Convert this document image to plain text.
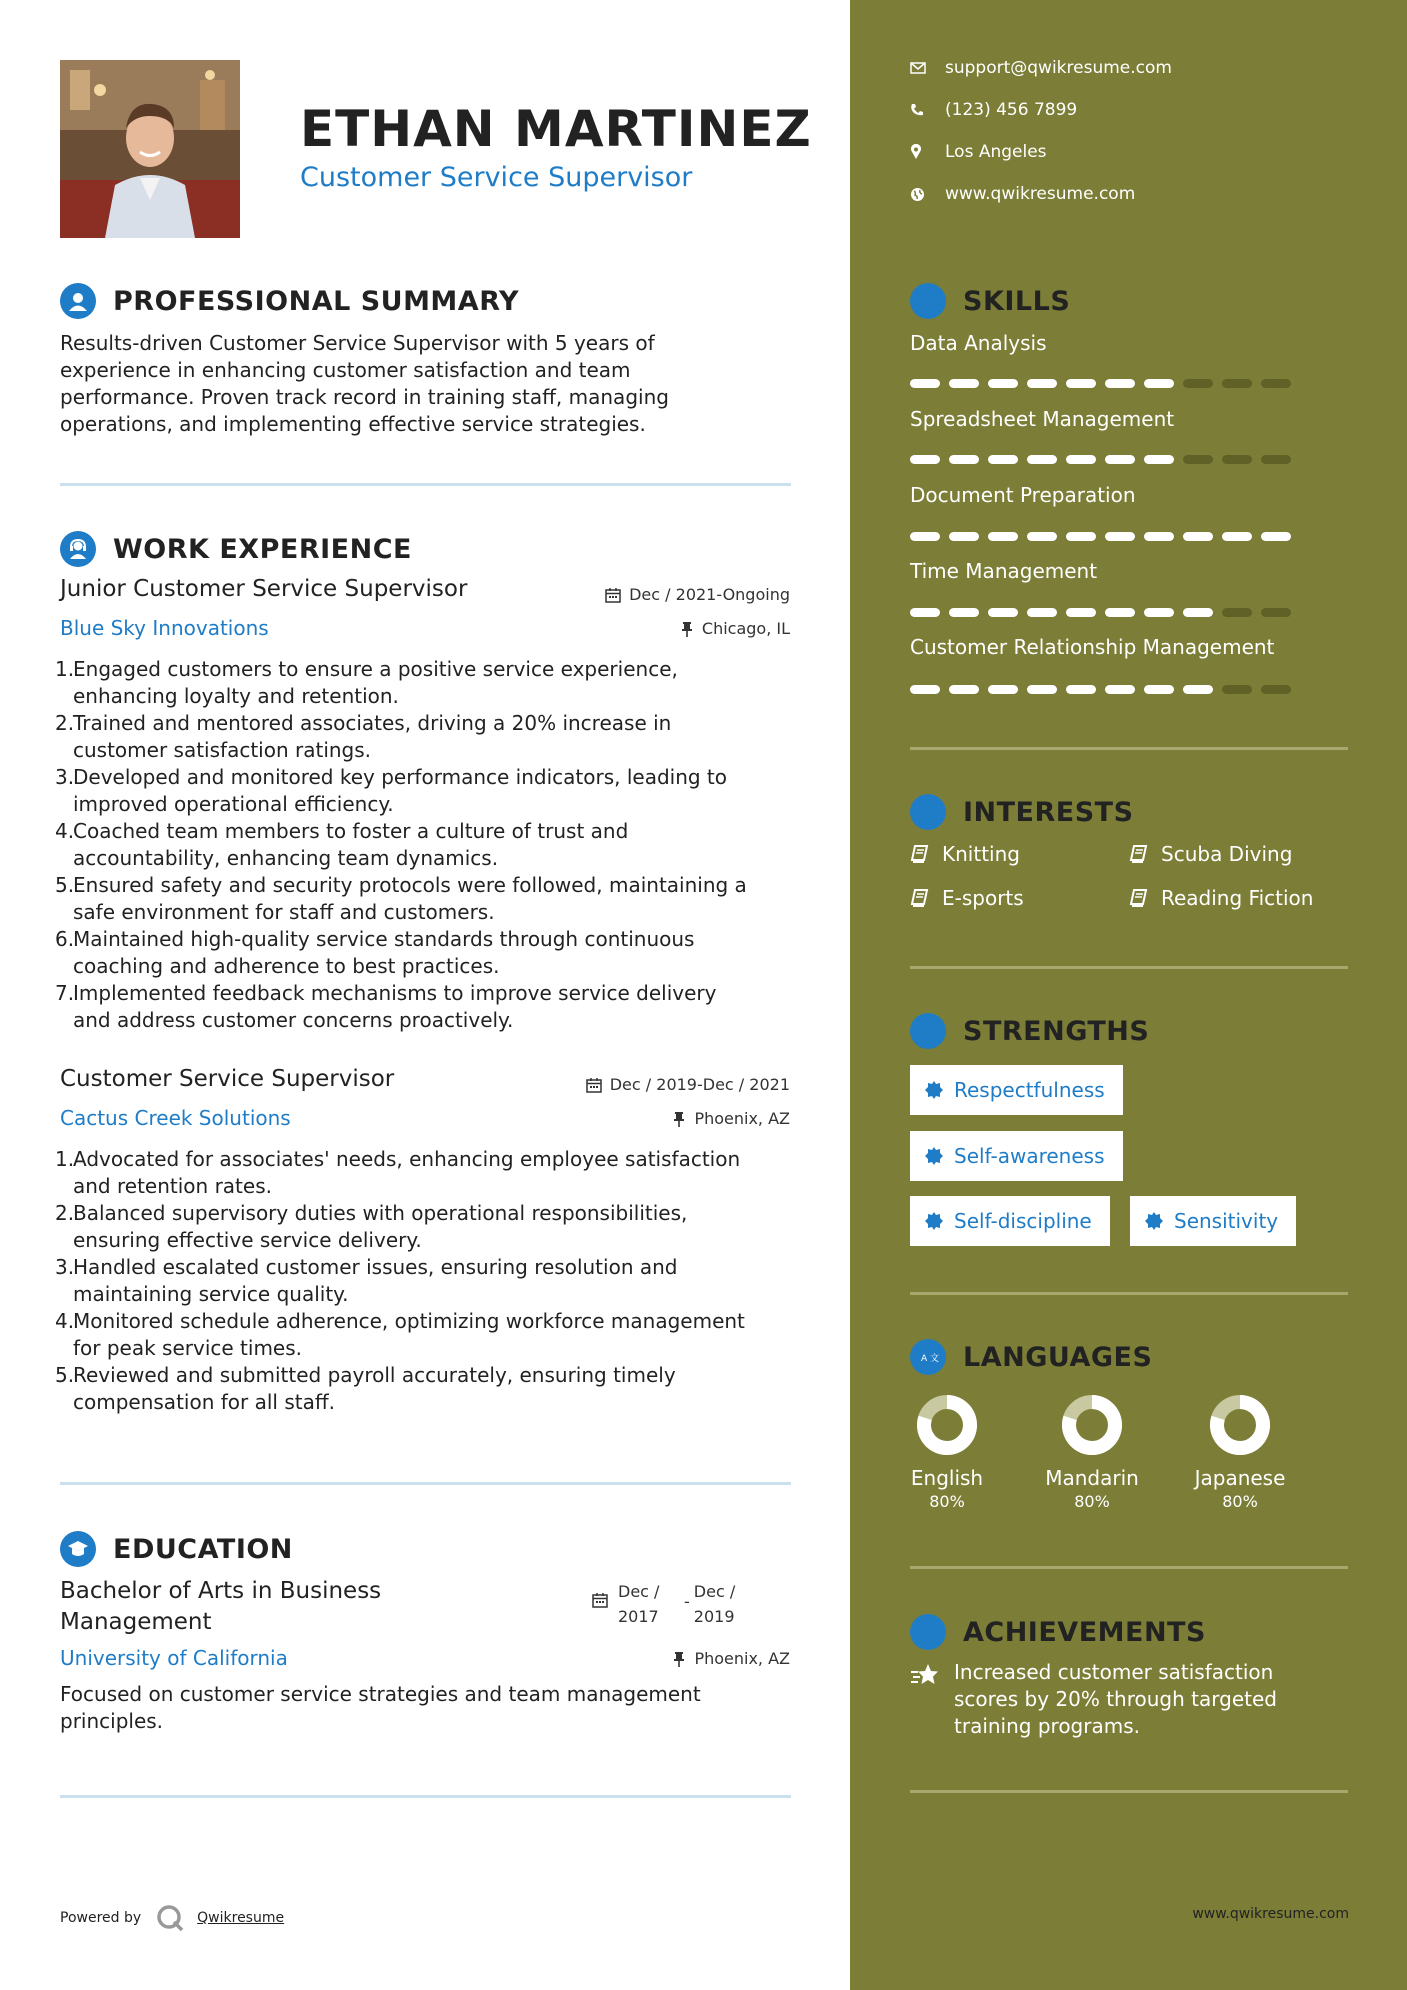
ETHAN MARTINEZ
Customer Service Supervisor
PROFESSIONAL SUMMARY
Results-driven Customer Service Supervisor with 5 years of
experience in enhancing customer satisfaction and team
performance. Proven track record in training staff, managing
operations, and implementing effective service strategies.
WORK EXPERIENCE
Junior Customer Service Supervisor	Dec / 2021-Ongoing
Blue Sky Innovations	Chicago, IL
1.
Engaged customers to ensure a positive service experience,
enhancing loyalty and retention.
2.
Trained and mentored associates, driving a 20% increase in
customer satisfaction ratings.
3.
Developed and monitored key performance indicators, leading to
improved operational efficiency.
4.
Coached team members to foster a culture of trust and
accountability, enhancing team dynamics.
5.
Ensured safety and security protocols were followed, maintaining a
safe environment for staff and customers.
6.
Maintained high-quality service standards through continuous
coaching and adherence to best practices.
7.
Implemented feedback mechanisms to improve service delivery
and address customer concerns proactively.
Customer Service Supervisor	Dec / 2019-Dec / 2021
Cactus Creek Solutions	Phoenix, AZ
1.
Advocated for associates' needs, enhancing employee satisfaction
and retention rates.
2.
Balanced supervisory duties with operational responsibilities,
ensuring effective service delivery.
3.
Handled escalated customer issues, ensuring resolution and
maintaining service quality.
4.
Monitored schedule adherence, optimizing workforce management
for peak service times.
5.
Reviewed and submitted payroll accurately, ensuring timely
compensation for all staff.
EDUCATION
Bachelor of Arts in Business
Management
Dec /
2017
-
Dec /
2019
University of California	Phoenix, AZ
Focused on customer service strategies and team management
principles.
Powered by	Qwikresume
support@qwikresume.com
(123) 456 7899
Los Angeles
www.qwikresume.com
SKILLS
Data Analysis
Spreadsheet Management
Document Preparation
Time Management
Customer Relationship Management
INTERESTS
Knitting	Scuba Diving
E-sports	Reading Fiction
STRENGTHS
Respectfulness
Self-awareness
Self-discipline	Sensitivity
A 文 LANGUAGES
English
80%
Mandarin
80%
Japanese
80%
ACHIEVEMENTS
Increased customer satisfaction
scores by 20% through targeted
training programs.
www.qwikresume.com
